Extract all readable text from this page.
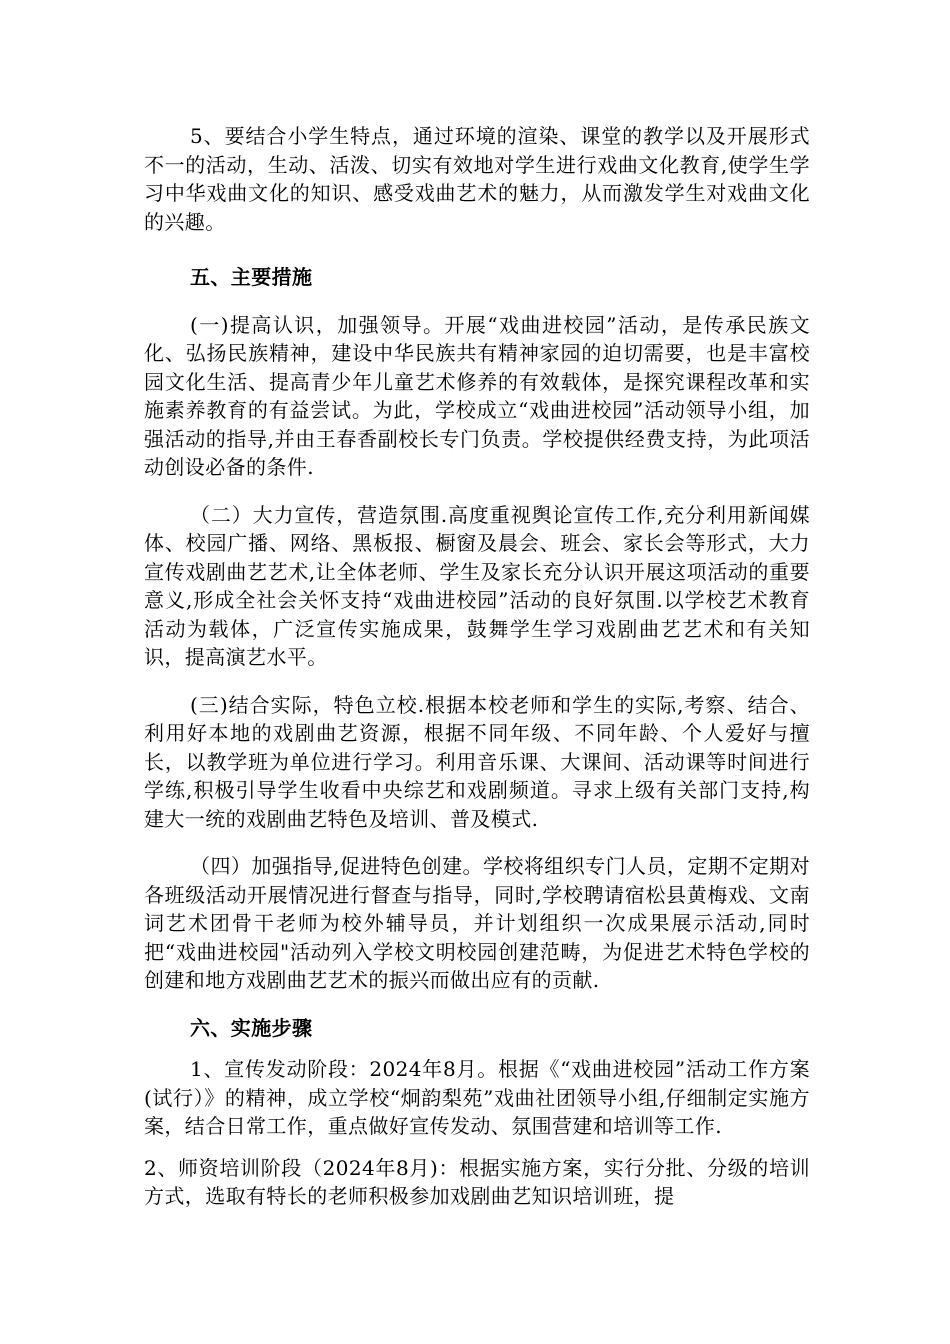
5、要结合小学生特点，通过环境的渲染、课堂的教学以及开展形式不一的活动，生动、活泼、切实有效地对学生进行戏曲文化教育,使学生学习中华戏曲文化的知识、感受戏曲艺术的魅力，从而激发学生对戏曲文化的兴趣。

五、主要措施

(一)提高认识，加强领导。开展“戏曲进校园”活动，是传承民族文化、弘扬民族精神，建设中华民族共有精神家园的迫切需要，也是丰富校园文化生活、提高青少年儿童艺术修养的有效载体，是探究课程改革和实施素养教育的有益尝试。为此，学校成立“戏曲进校园”活动领导小组，加强活动的指导,并由王春香副校长专门负责。学校提供经费支持，为此项活动创设必备的条件.

（二）大力宣传，营造氛围.高度重视舆论宣传工作,充分利用新闻媒体、校园广播、网络、黑板报、橱窗及晨会、班会、家长会等形式，大力宣传戏剧曲艺艺术,让全体老师、学生及家长充分认识开展这项活动的重要意义,形成全社会关怀支持“戏曲进校园”活动的良好氛围.以学校艺术教育活动为载体，广泛宣传实施成果，鼓舞学生学习戏剧曲艺艺术和有关知识，提高演艺水平。

(三)结合实际，特色立校.根据本校老师和学生的实际,考察、结合、利用好本地的戏剧曲艺资源，根据不同年级、不同年龄、个人爱好与擅长，以教学班为单位进行学习。利用音乐课、大课间、活动课等时间进行学练,积极引导学生收看中央综艺和戏剧频道。寻求上级有关部门支持,构建大一统的戏剧曲艺特色及培训、普及模式.

（四）加强指导,促进特色创建。学校将组织专门人员，定期不定期对各班级活动开展情况进行督查与指导，同时,学校聘请宿松县黄梅戏、文南词艺术团骨干老师为校外辅导员，并计划组织一次成果展示活动,同时把“戏曲进校园"活动列入学校文明校园创建范畴，为促进艺术特色学校的创建和地方戏剧曲艺艺术的振兴而做出应有的贡献.

六、实施步骤

1、宣传发动阶段：2024年8月。根据《“戏曲进校园”活动工作方案(试行）》的精神，成立学校“炯韵梨苑”戏曲社团领导小组,仔细制定实施方案，结合日常工作，重点做好宣传发动、氛围营建和培训等工作.

2、师资培训阶段（2024年8月)：根据实施方案，实行分批、分级的培训方式，选取有特长的老师积极参加戏剧曲艺知识培训班，提
